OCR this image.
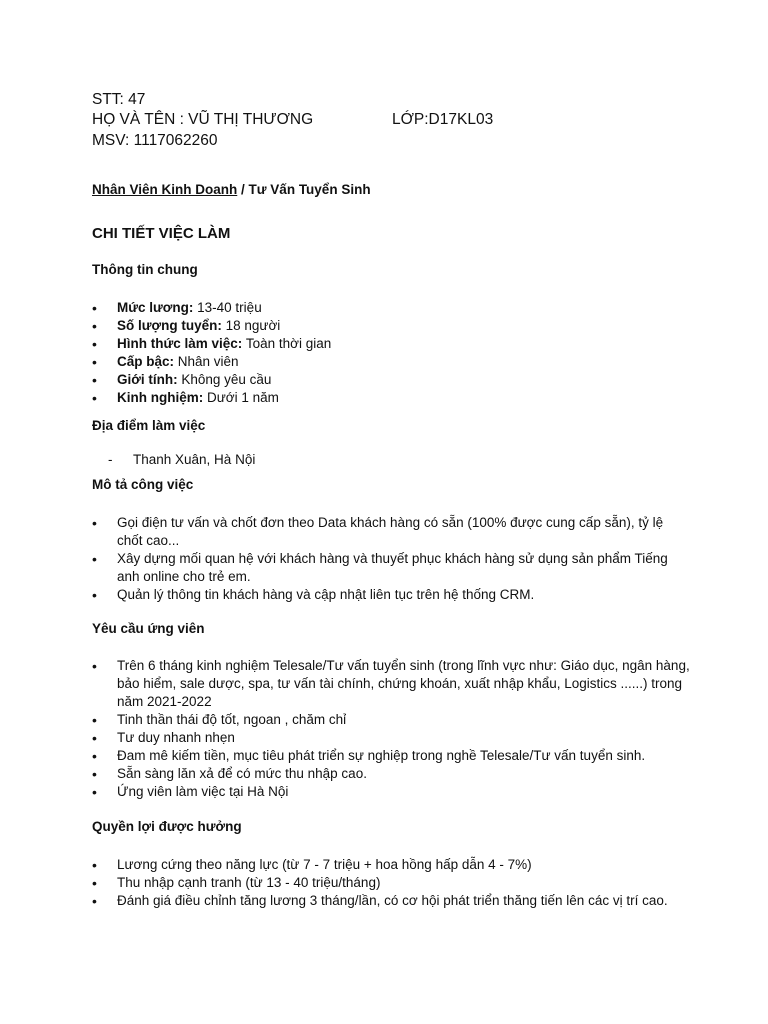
STT: 47
HỌ VÀ TÊN : VŨ THỊ THƯƠNG	LỚP:D17KL03
MSV: 1117062260
Nhân Viên Kinh Doanh / Tư Vấn Tuyển Sinh
CHI TIẾT VIỆC LÀM
Thông tin chung
• Mức lương: 13-40 triệu
• Số lượng tuyển: 18 người
• Hình thức làm việc: Toàn thời gian
• Cấp bậc: Nhân viên
• Giới tính: Không yêu cầu
• Kinh nghiệm: Dưới 1 năm
Địa điểm làm việc
- Thanh Xuân, Hà Nội
Mô tả công việc
• Gọi điện tư vấn và chốt đơn theo Data khách hàng có sẵn (100% được cung cấp sẵn), tỷ lệ chốt cao...
• Xây dựng mối quan hệ với khách hàng và thuyết phục khách hàng sử dụng sản phẩm Tiếng anh online cho trẻ em.
• Quản lý thông tin khách hàng và cập nhật liên tục trên hệ thống CRM.
Yêu cầu ứng viên
• Trên 6 tháng kinh nghiệm Telesale/Tư vấn tuyển sinh (trong lĩnh vực như: Giáo dục, ngân hàng, bảo hiểm, sale dược, spa, tư vấn tài chính, chứng khoán, xuất nhập khẩu, Logistics ......) trong năm 2021-2022
• Tinh thần thái độ tốt, ngoan , chăm chỉ
• Tư duy nhanh nhẹn
• Đam mê kiếm tiền, mục tiêu phát triển sự nghiệp trong nghề Telesale/Tư vấn tuyển sinh.
• Sẵn sàng lăn xả để có mức thu nhập cao.
• Ứng viên làm việc tại Hà Nội
Quyền lợi được hưởng
• Lương cứng theo năng lực (từ 7 - 7 triệu + hoa hồng hấp dẫn 4 - 7%)
• Thu nhập cạnh tranh (từ 13 - 40 triệu/tháng)
• Đánh giá điều chỉnh tăng lương 3 tháng/lần, có cơ hội phát triển thăng tiến lên các vị trí cao.
